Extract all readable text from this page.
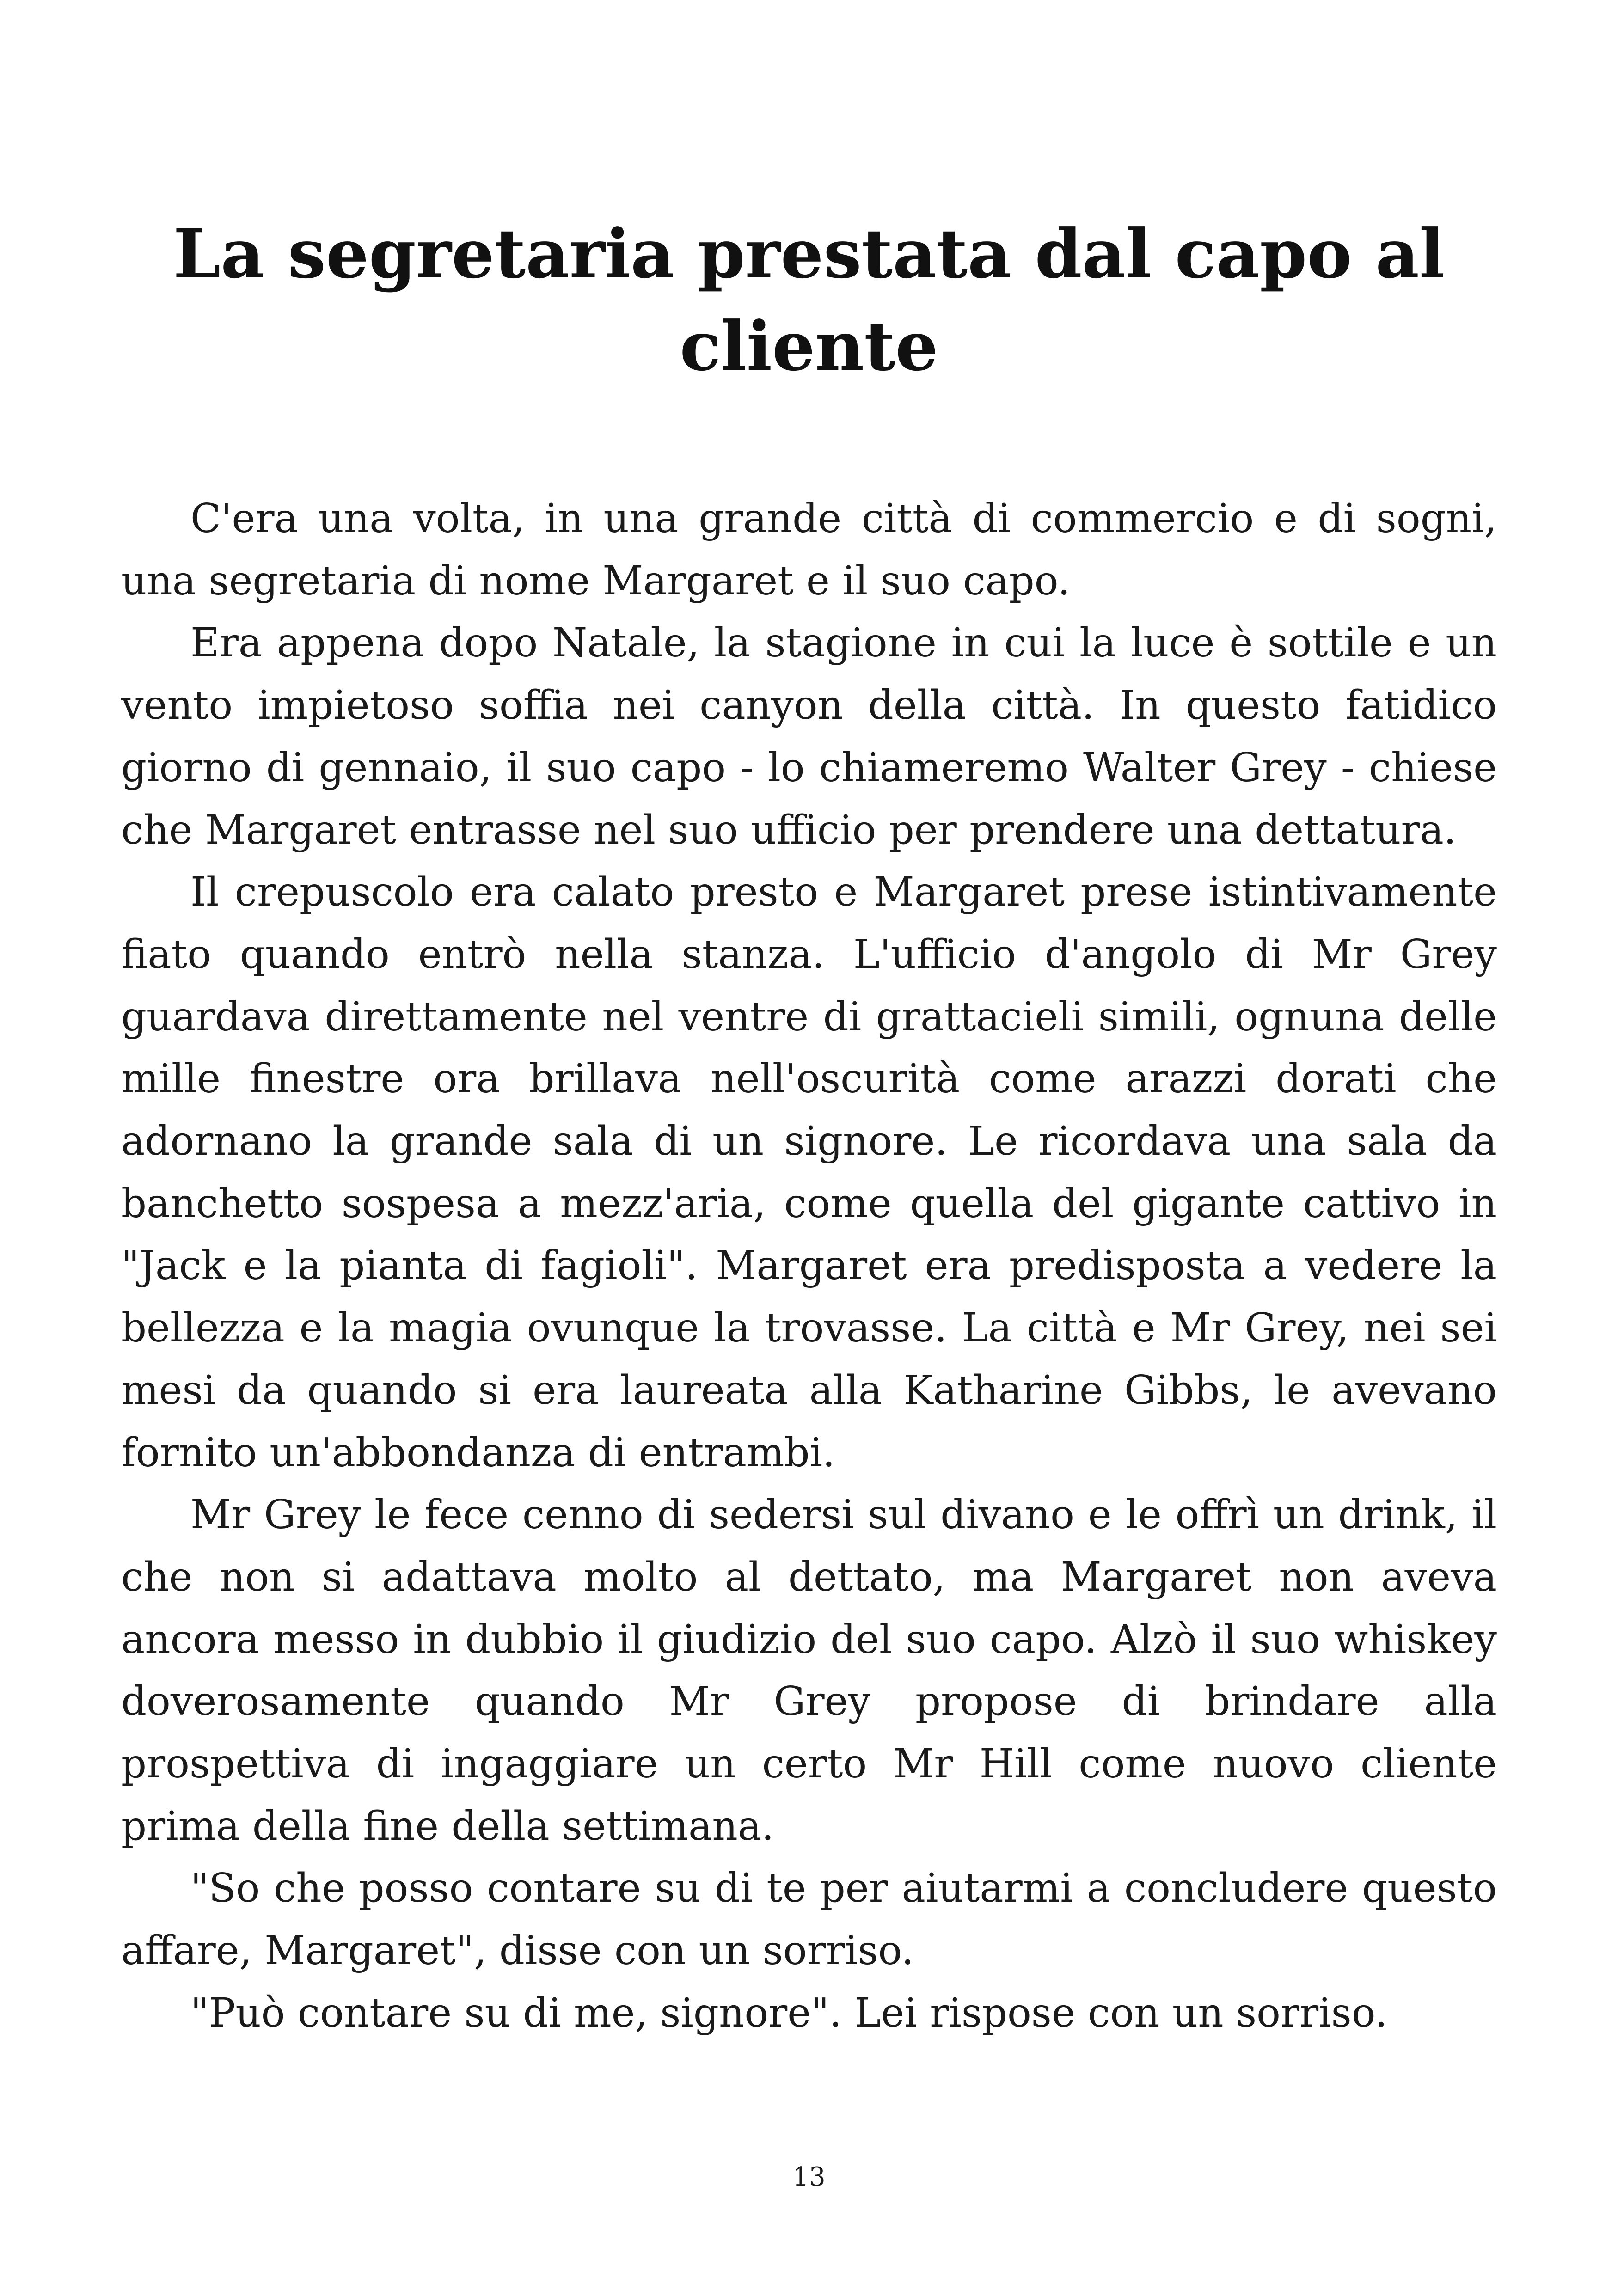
La segretaria prestata dal capo al
cliente

C'era una volta, in una grande città di commercio e di sogni, una segretaria di nome Margaret e il suo capo.

Era appena dopo Natale, la stagione in cui la luce è sottile e un vento impietoso soffia nei canyon della città. In questo fatidico giorno di gennaio, il suo capo - lo chiameremo Walter Grey - chiese che Margaret entrasse nel suo ufficio per prendere una dettatura.

Il crepuscolo era calato presto e Margaret prese istintivamente fiato quando entrò nella stanza. L'ufficio d'angolo di Mr Grey guardava direttamente nel ventre di grattacieli simili, ognuna delle mille finestre ora brillava nell'oscurità come arazzi dorati che adornano la grande sala di un signore. Le ricordava una sala da banchetto sospesa a mezz'aria, come quella del gigante cattivo in "Jack e la pianta di fagioli". Margaret era predisposta a vedere la bellezza e la magia ovunque la trovasse. La città e Mr Grey, nei sei mesi da quando si era laureata alla Katharine Gibbs, le avevano fornito un'abbondanza di entrambi.

Mr Grey le fece cenno di sedersi sul divano e le offrì un drink, il che non si adattava molto al dettato, ma Margaret non aveva ancora messo in dubbio il giudizio del suo capo. Alzò il suo whiskey doverosamente quando Mr Grey propose di brindare alla prospettiva di ingaggiare un certo Mr Hill come nuovo cliente prima della fine della settimana.

"So che posso contare su di te per aiutarmi a concludere questo affare, Margaret", disse con un sorriso.

"Può contare su di me, signore". Lei rispose con un sorriso.

13
